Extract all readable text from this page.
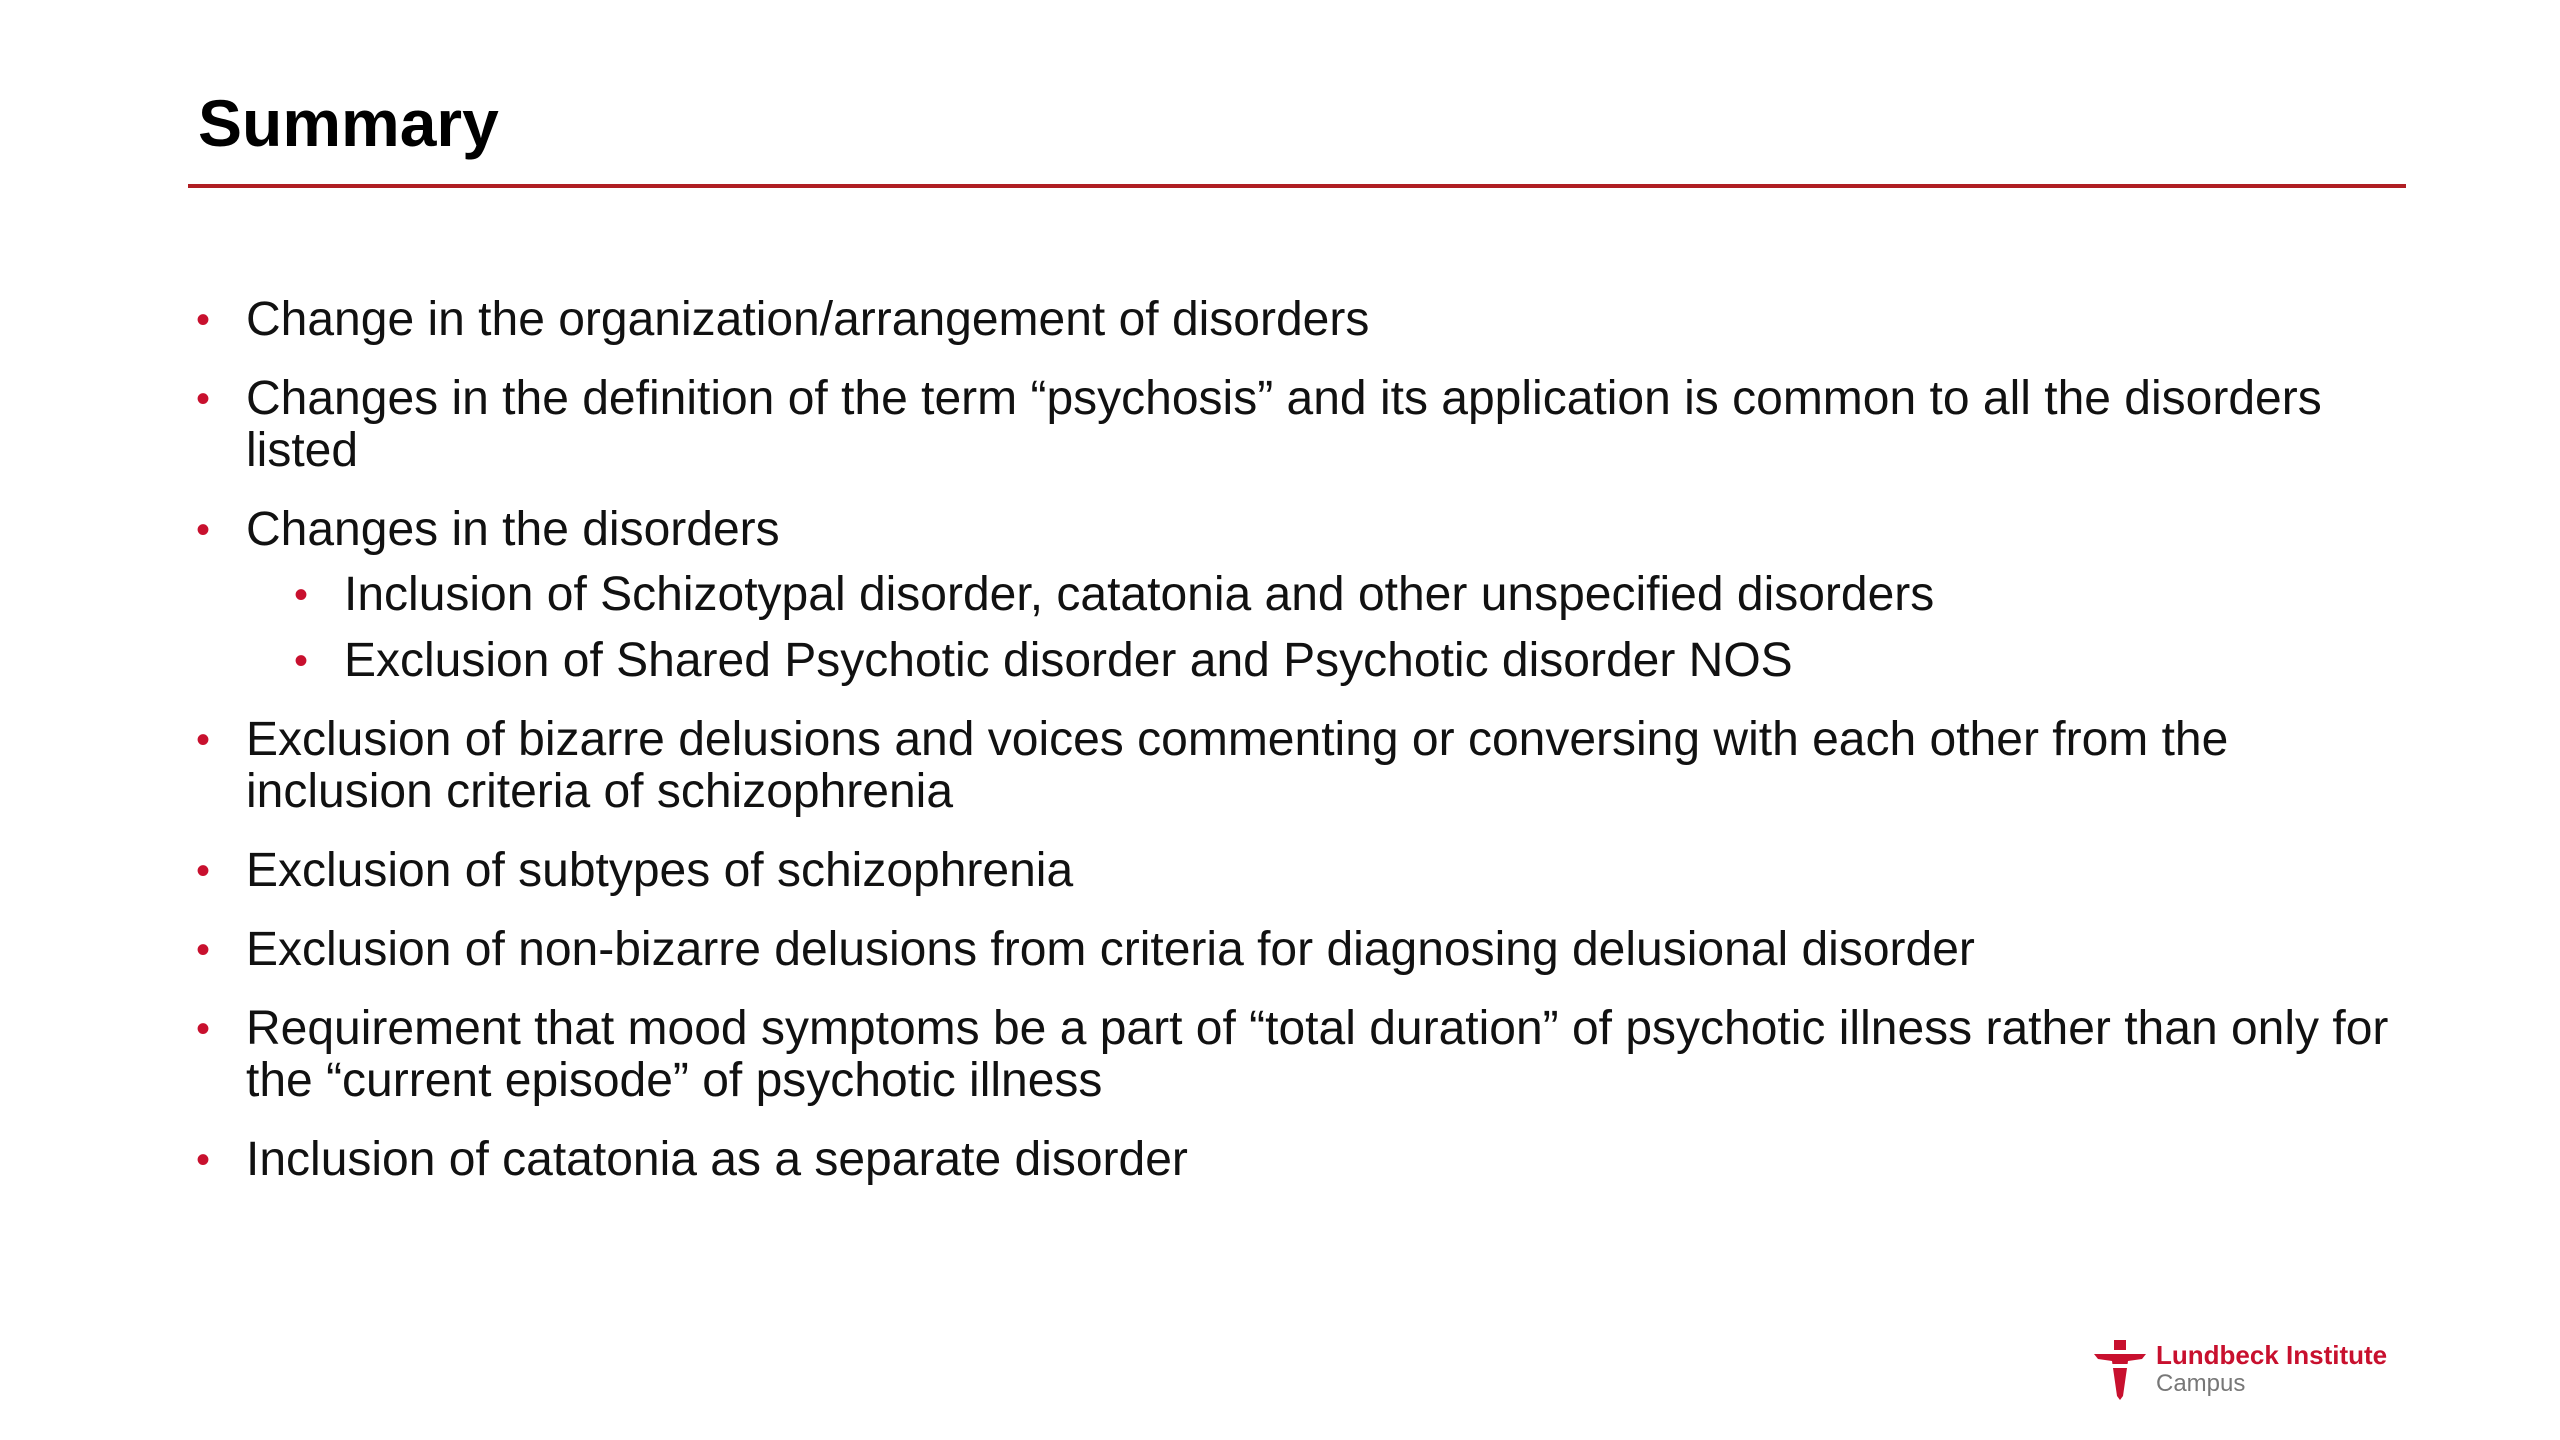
Summary
• Change in the organization/arrangement of disorders
• Changes in the definition of the term “psychosis” and its application is common to all the disorders listed
• Changes in the disorders
• Inclusion of Schizotypal disorder, catatonia and other unspecified disorders
• Exclusion of Shared Psychotic disorder and Psychotic disorder NOS
• Exclusion of bizarre delusions and voices commenting or conversing with each other from the inclusion criteria of schizophrenia
• Exclusion of subtypes of schizophrenia
• Exclusion of non-bizarre delusions from criteria for diagnosing delusional disorder
• Requirement that mood symptoms be a part of “total duration” of psychotic illness rather than only for the “current episode” of psychotic illness
• Inclusion of catatonia as a separate disorder
Lundbeck Institute
Campus
